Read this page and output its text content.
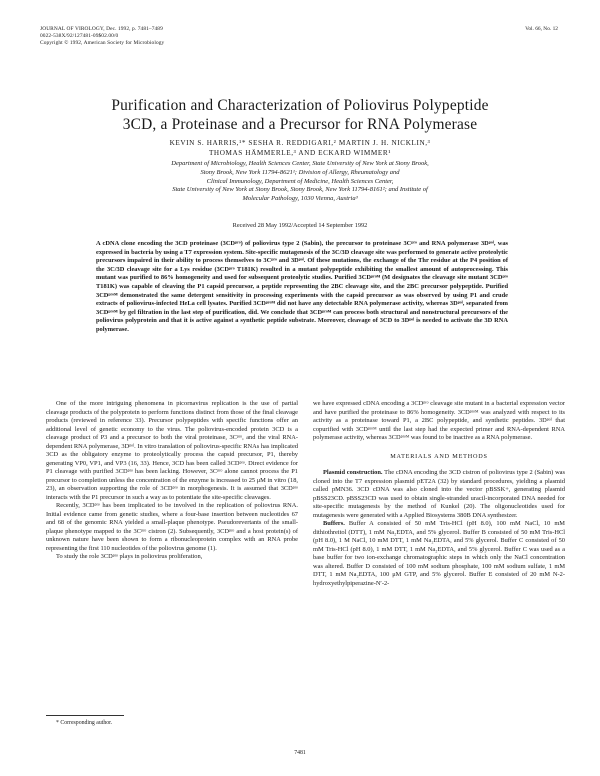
JOURNAL OF VIROLOGY, Dec. 1992, p. 7481–7489
0022-538X/92/127481-09$02.00/0
Copyright © 1992, American Society for Microbiology
Vol. 66, No. 12
Purification and Characterization of Poliovirus Polypeptide
3CD, a Proteinase and a Precursor for RNA Polymerase
KEVIN S. HARRIS,¹* SESHA R. REDDIGARI,² MARTIN J. H. NICKLIN,³
THOMAS HÄMMERLE,³ AND ECKARD WIMMER¹
Department of Microbiology, Health Sciences Center, State University of New York at Stony Brook,
Stony Brook, New York 11794-8621¹; Division of Allergy, Rheumatology and
Clinical Immunology, Department of Medicine, Health Sciences Center,
State University of New York at Stony Brook, Stony Brook, New York 11794-8161²; and Institute of
Molecular Pathology, 1030 Vienna, Austria³
Received 28 May 1992/Accepted 14 September 1992
A cDNA clone encoding the 3CD proteinase (3CDᵖʳᵒ) of poliovirus type 2 (Sabin), the precursor to proteinase 3Cᵖʳᵒ and RNA polymerase 3Dᵖᵒˡ, was expressed in bacteria by using a T7 expression system. Site-specific mutagenesis of the 3C/3D cleavage site was performed to generate active proteolytic precursors impaired in their ability to process themselves to 3Cᵖʳᵒ and 3Dᵖᵒˡ. Of these mutations, the exchange of the Thr residue at the P4 position of the 3C/3D cleavage site for a Lys residue (3CDᵖʳᵒ T181K) resulted in a mutant polypeptide exhibiting the smallest amount of autoprocessing. This mutant was purified to 86% homogeneity and used for subsequent proteolytic studies. Purified 3CDᵖʳᵒᴹ (M designates the cleavage site mutant 3CDᵖʳᵒ T181K) was capable of cleaving the P1 capsid precursor, a peptide representing the 2BC cleavage site, and the 2BC precursor polypeptide. Purified 3CDᵖʳᵒᴹ demonstrated the same detergent sensitivity in processing experiments with the capsid precursor as was observed by using P1 and crude extracts of poliovirus-infected HeLa cell lysates. Purified 3CDᵖʳᵒᴹ did not have any detectable RNA polymerase activity, whereas 3Dᵖᵒˡ, separated from 3CDᵖʳᵒᴹ by gel filtration in the last step of purification, did. We conclude that 3CDᵖʳᵒᴹ can process both structural and nonstructural precursors of the poliovirus polyprotein and that it is active against a synthetic peptide substrate. Moreover, cleavage of 3CD to 3Dᵖᵒˡ is needed to activate the 3D RNA polymerase.

One of the more intriguing phenomena in picornavirus replication is the use of partial cleavage products of the polyprotein to perform functions distinct from those of the final cleavage products (reviewed in reference 33). Precursor polypeptides with specific functions offer an additional level of genetic economy to the virus. The poliovirus-encoded protein 3CD is a cleavage product of P3 and a precursor to both the viral proteinase, 3Cᵖʳᵒ, and the viral RNA-dependent RNA polymerase, 3Dᵖᵒˡ. In vitro translation of poliovirus-specific RNAs has implicated 3CD as the obligatory enzyme to proteolytically process the capsid precursor, P1, thereby generating VP0, VP1, and VP3 (16, 33). Hence, 3CD has been called 3CDᵖʳᵒ. Direct evidence for P1 cleavage with purified 3CDᵖʳᵒ has been lacking. However, 3Cᵖʳᵒ alone cannot process the P1 precursor to completion unless the concentration of the enzyme is increased to 25 μM in vitro (18, 23), an observation supporting the role of 3CDᵖʳᵒ in morphogenesis. It is assumed that 3CDᵖʳᵒ interacts with the P1 precursor in such a way as to potentiate the site-specific cleavages.

Recently, 3CDᵖʳᵒ has been implicated to be involved in the replication of poliovirus RNA. Initial evidence came from genetic studies, where a four-base insertion between nucleotides 67 and 68 of the genomic RNA yielded a small-plaque phenotype. Pseudorevertants of the small-plaque phenotype mapped to the 3Cᵖʳᵒ cistron (2). Subsequently, 3CDᵖʳᵒ and a host protein(s) of unknown nature have been shown to form a ribonucleoprotein complex with an RNA probe representing the first 110 nucleotides of the poliovirus genome (1).

To study the role 3CDᵖʳᵒ plays in poliovirus proliferation,

we have expressed cDNA encoding a 3CDᵖʳᵒ cleavage site mutant in a bacterial expression vector and have purified the proteinase to 86% homogeneity. 3CDᵖʳᵒᴹ was analyzed with respect to its activity as a proteinase toward P1, a 2BC polypeptide, and synthetic peptides. 3Dᵖᵒˡ that copurified with 3CDᵖʳᵒᴹ until the last step had the expected primer and RNA-dependent RNA polymerase activity, whereas 3CDᵖʳᵒᴹ was found to be inactive as a RNA polymerase.

MATERIALS AND METHODS

Plasmid construction. The cDNA encoding the 3CD cistron of poliovirus type 2 (Sabin) was cloned into the T7 expression plasmid pET2A (32) by standard procedures, yielding a plasmid called pMN36. 3CD cDNA was also cloned into the vector pBSSK+, generating plasmid pBSS23CD. pBSS23CD was used to obtain single-stranded uracil-incorporated DNA needed for site-specific mutagenesis by the method of Kunkel (20). The oligonucleotides used for mutagenesis were generated with a Applied Biosystems 380B DNA synthesizer.

Buffers. Buffer A consisted of 50 mM Tris-HCl (pH 8.0), 100 mM NaCl, 10 mM dithiothreitol (DTT), 1 mM Na₂EDTA, and 5% glycerol. Buffer B consisted of 50 mM Tris-HCl (pH 8.0), 1 M NaCl, 10 mM DTT, 1 mM Na₂EDTA, and 5% glycerol. Buffer C consisted of 50 mM Tris-HCl (pH 8.0), 1 mM DTT, 1 mM Na₂EDTA, and 5% glycerol. Buffer C was used as a base buffer for two ion-exchange chromatographic steps in which only the NaCl concentration was altered. Buffer D consisted of 100 mM sodium phosphate, 100 mM sodium sulfate, 1 mM DTT, 1 mM Na₂EDTA, 100 μM GTP, and 5% glycerol. Buffer E consisted of 20 mM N-2-hydroxyethylpiperazine-N′-2-

* Corresponding author.
7481
